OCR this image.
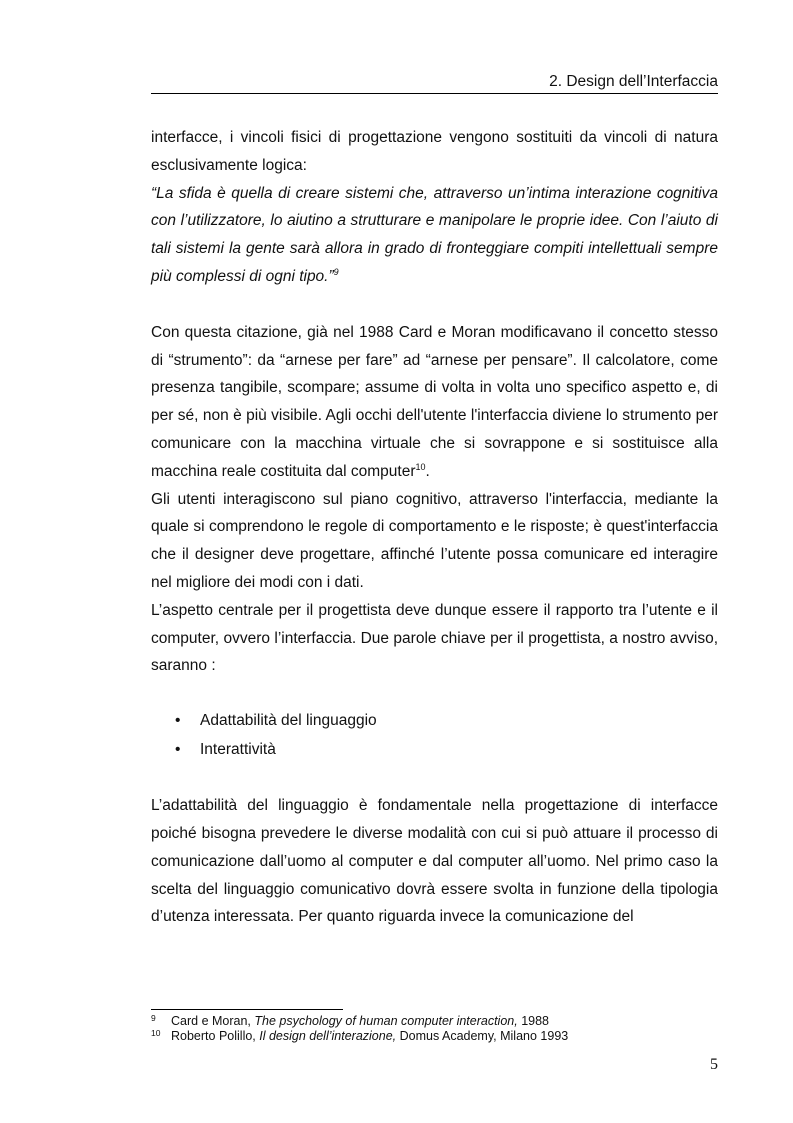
2. Design dell’Interfaccia

interfacce, i vincoli fisici di progettazione vengono sostituiti da vincoli di natura esclusivamente logica:

“La sfida è quella di creare sistemi che, attraverso un’intima interazione cognitiva con l’utilizzatore, lo aiutino a strutturare e manipolare le proprie idee. Con l’aiuto di tali sistemi la gente sarà allora in grado di fronteggiare compiti intellettuali sempre più complessi di ogni tipo.”$^9$

Con questa citazione, già nel 1988 Card e Moran modificavano il concetto stesso di “strumento”: da “arnese per fare” ad “arnese per pensare”. Il calcolatore, come presenza tangibile, scompare; assume di volta in volta uno specifico aspetto e, di per sé, non è più visibile. Agli occhi dell'utente l'interfaccia diviene lo strumento per comunicare con la macchina virtuale che si sovrappone e si sostituisce alla macchina reale costituita dal computer$^{10}$.

Gli utenti interagiscono sul piano cognitivo, attraverso l'interfaccia, mediante la quale si comprendono le regole di comportamento e le risposte; è quest'interfaccia che il designer deve progettare, affinché l’utente possa comunicare ed interagire nel migliore dei modi con i dati.

L’aspetto centrale per il progettista deve dunque essere il rapporto tra l’utente e il computer, ovvero l’interfaccia. Due parole chiave per il progettista, a nostro avviso, saranno :

• Adattabilità del linguaggio
• Interattività

L’adattabilità del linguaggio è fondamentale nella progettazione di interfacce poiché bisogna prevedere le diverse modalità con cui si può attuare il processo di comunicazione dall’uomo al computer e dal computer all’uomo. Nel primo caso la scelta del linguaggio comunicativo dovrà essere svolta in funzione della tipologia d’utenza interessata. Per quanto riguarda invece la comunicazione del

9 Card e Moran, The psychology of human computer interaction, 1988
10 Roberto Polillo, Il design dell’interazione, Domus Academy, Milano 1993
5
